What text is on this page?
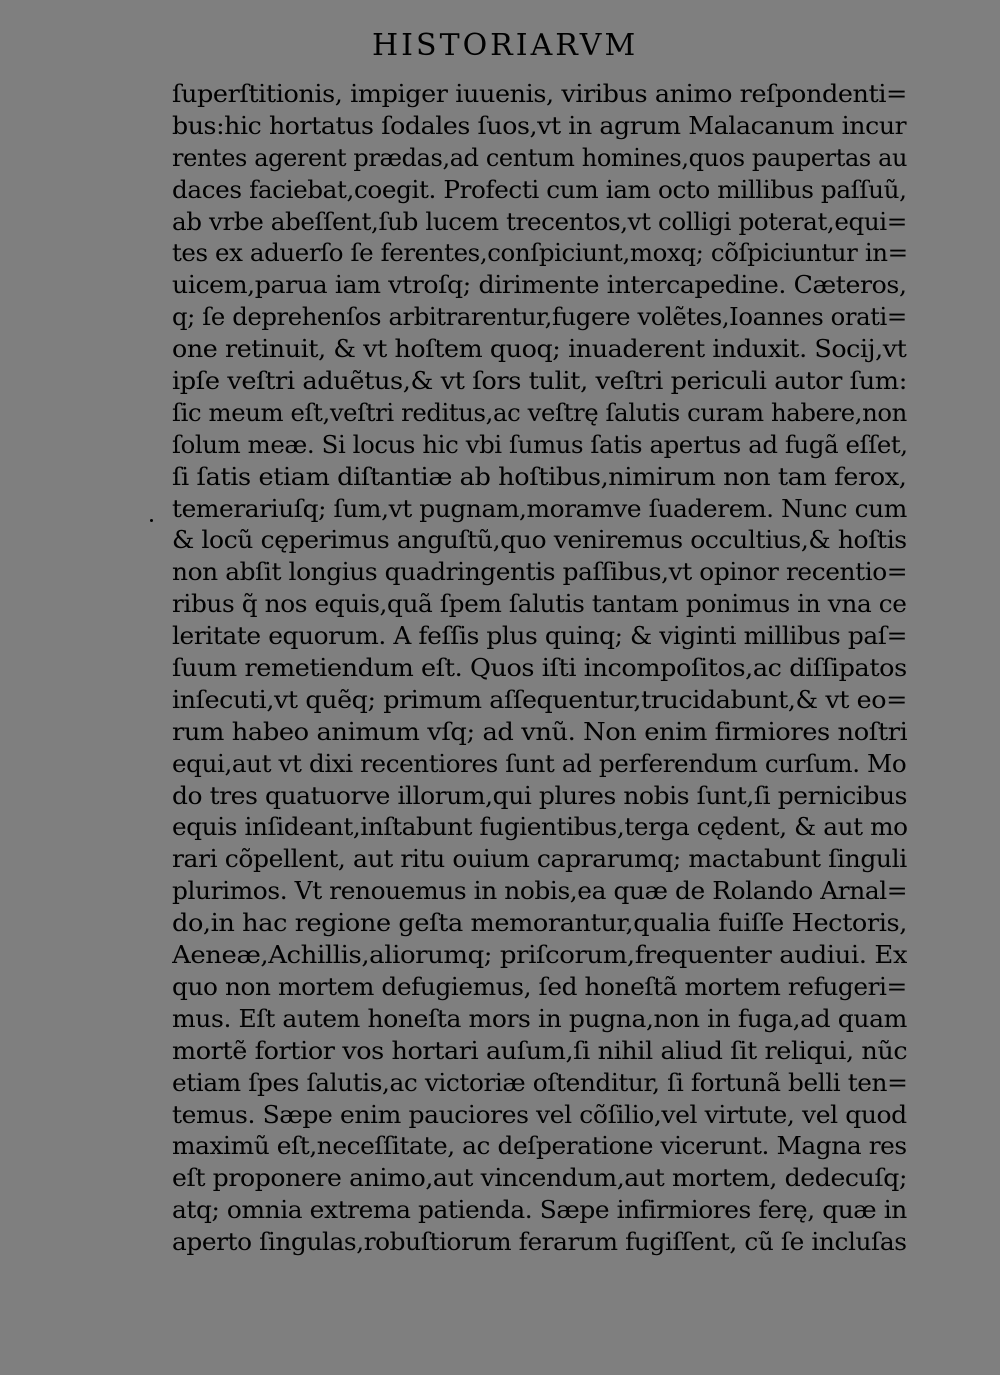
HISTORIARVM
ſuperſtitionis, impiger iuuenis, viribus animo reſpondenti=
bus:hic hortatus ſodales ſuos,vt in agrum Malacanum incur
rentes agerent prædas,ad centum homines,quos paupertas au
daces faciebat,coegit. Profecti cum iam octo millibus paſſuũ,
ab vrbe abeſſent,ſub lucem trecentos,vt colligi poterat,equi=
tes ex aduerſo ſe ferentes,conſpiciunt,moxq; cõſpiciuntur in=
uicem,parua iam vtroſq; dirimente intercapedine. Cæteros,
q; ſe deprehenſos arbitrarentur,fugere volẽtes,Ioannes orati=
one retinuit, & vt hoſtem quoq; inuaderent induxit. Socij,vt
ipſe veſtri aduẽtus,& vt ſors tulit, veſtri periculi autor ſum:
ſic meum eſt,veſtri reditus,ac veſtrę ſalutis curam habere,non
ſolum meæ. Si locus hic vbi ſumus ſatis apertus ad fugã eſſet,
ſi ſatis etiam diſtantiæ ab hoſtibus,nimirum non tam ferox,
temerariuſq; ſum,vt pugnam,moramve ſuaderem. Nunc cum
& locũ cęperimus anguſtũ,quo veniremus occultius,& hoſtis
non abſit longius quadringentis paſſibus,vt opinor recentio=
ribus q̃ nos equis,quã ſpem ſalutis tantam ponimus in vna ce
leritate equorum. A feſſis plus quinq; & viginti millibus paſ=
ſuum remetiendum eſt. Quos iſti incompoſitos,ac diſſipatos
inſecuti,vt quẽq; primum aſſequentur,trucidabunt,& vt eo=
rum habeo animum vſq; ad vnũ. Non enim firmiores noſtri
equi,aut vt dixi recentiores ſunt ad perferendum curſum. Mo
do tres quatuorve illorum,qui plures nobis ſunt,ſi pernicibus
equis inſideant,inſtabunt fugientibus,terga cędent, & aut mo
rari cõpellent, aut ritu ouium caprarumq; mactabunt ſinguli
plurimos. Vt renouemus in nobis,ea quæ de Rolando Arnal=
do,in hac regione geſta memorantur,qualia fuiſſe Hectoris,
Aeneæ,Achillis,aliorumq; priſcorum,frequenter audiui. Ex
quo non mortem defugiemus, ſed honeſtã mortem refugeri=
mus. Eſt autem honeſta mors in pugna,non in fuga,ad quam
mortẽ fortior vos hortari auſum,ſi nihil aliud ſit reliqui, nũc
etiam ſpes ſalutis,ac victoriæ oſtenditur, ſi fortunã belli ten=
temus. Sæpe enim pauciores vel cõſilio,vel virtute, vel quod
maximũ eſt,neceſſitate, ac deſperatione vicerunt. Magna res
eſt proponere animo,aut vincendum,aut mortem, dedecuſq;
atq; omnia extrema patienda. Sæpe infirmiores ferę, quæ in
aperto ſingulas,robuſtiorum ferarum fugiſſent, cũ ſe incluſas
